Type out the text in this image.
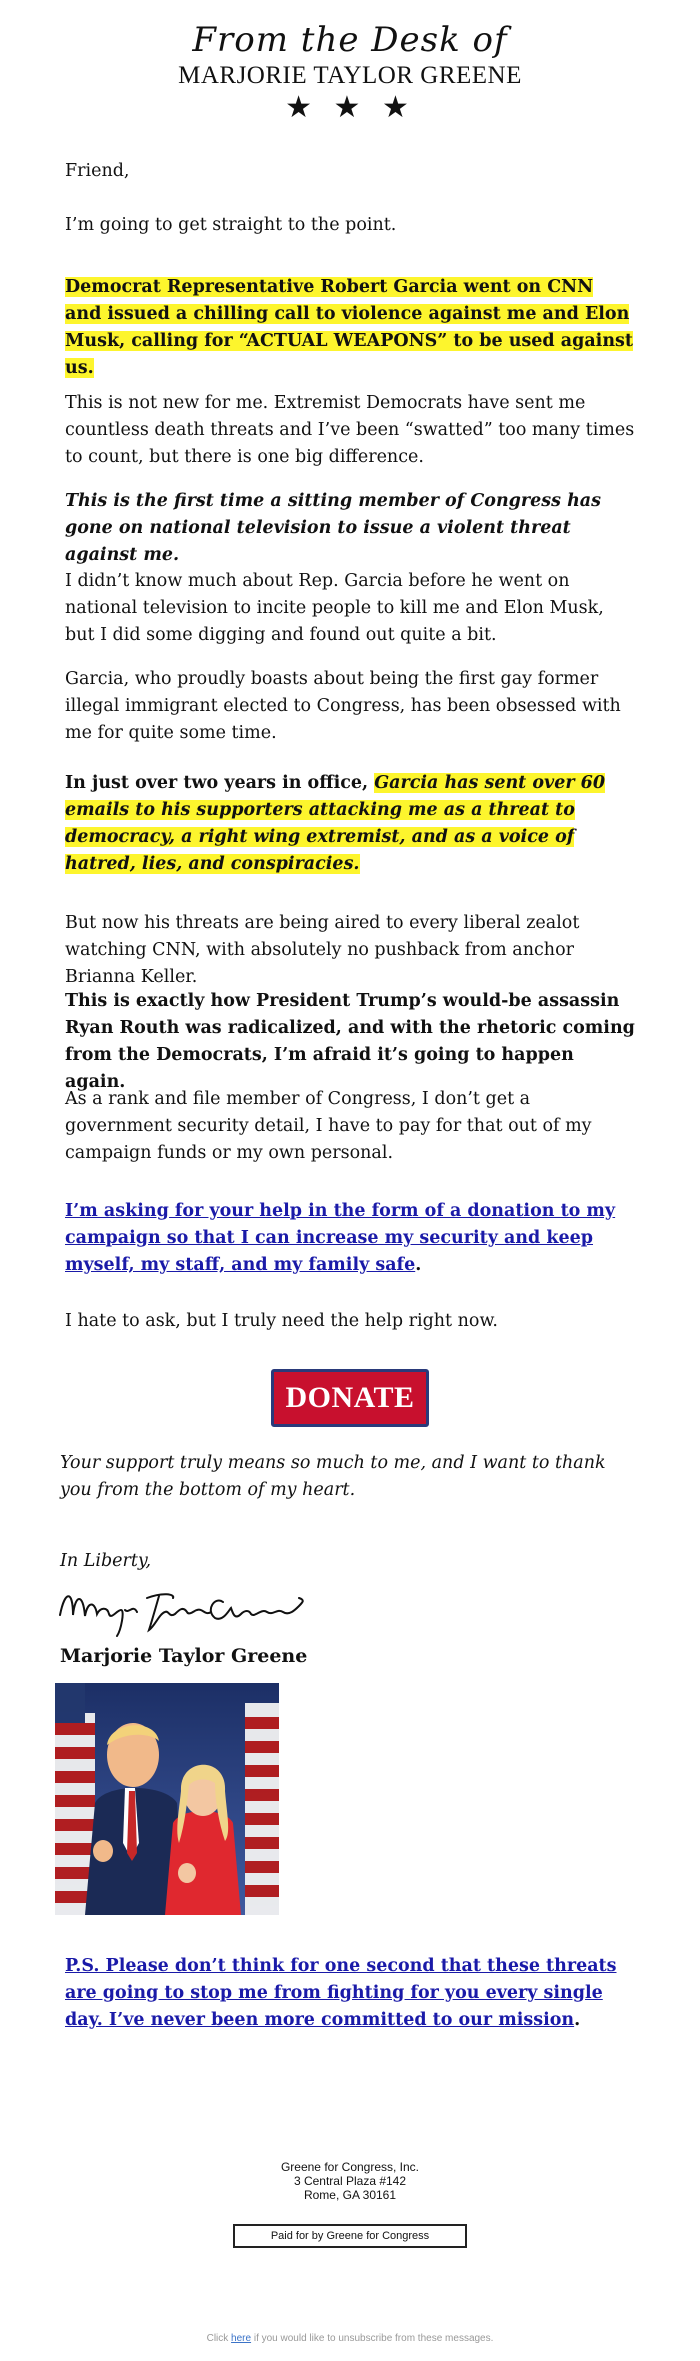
From the Desk of
MARJORIE TAYLOR GREENE
★ ★ ★

Friend,

I’m going to get straight to the point.

Democrat Representative Robert Garcia went on CNN and issued a chilling call to violence against me and Elon Musk, calling for “ACTUAL WEAPONS” to be used against us.

This is not new for me. Extremist Democrats have sent me countless death threats and I’ve been “swatted” too many times to count, but there is one big difference.

This is the first time a sitting member of Congress has gone on national television to issue a violent threat against me.

I didn’t know much about Rep. Garcia before he went on national television to incite people to kill me and Elon Musk, but I did some digging and found out quite a bit.

Garcia, who proudly boasts about being the first gay former illegal immigrant elected to Congress, has been obsessed with me for quite some time.

In just over two years in office, Garcia has sent over 60 emails to his supporters attacking me as a threat to democracy, a right wing extremist, and as a voice of hatred, lies, and conspiracies.

But now his threats are being aired to every liberal zealot watching CNN, with absolutely no pushback from anchor Brianna Keller.

This is exactly how President Trump’s would-be assassin Ryan Routh was radicalized, and with the rhetoric coming from the Democrats, I’m afraid it’s going to happen again.

As a rank and file member of Congress, I don’t get a government security detail, I have to pay for that out of my campaign funds or my own personal.

I’m asking for your help in the form of a donation to my campaign so that I can increase my security and keep myself, my staff, and my family safe.

I hate to ask, but I truly need the help right now.

DONATE
Your support truly means so much to me, and I want to thank you from the bottom of my heart.
In Liberty,
Marjorie Taylor Greene
P.S. Please don’t think for one second that these threats are going to stop me from fighting for you every single day. I’ve never been more committed to our mission.
Greene for Congress, Inc.
3 Central Plaza #142
Rome, GA 30161
Paid for by Greene for Congress
Click here if you would like to unsubscribe from these messages.
